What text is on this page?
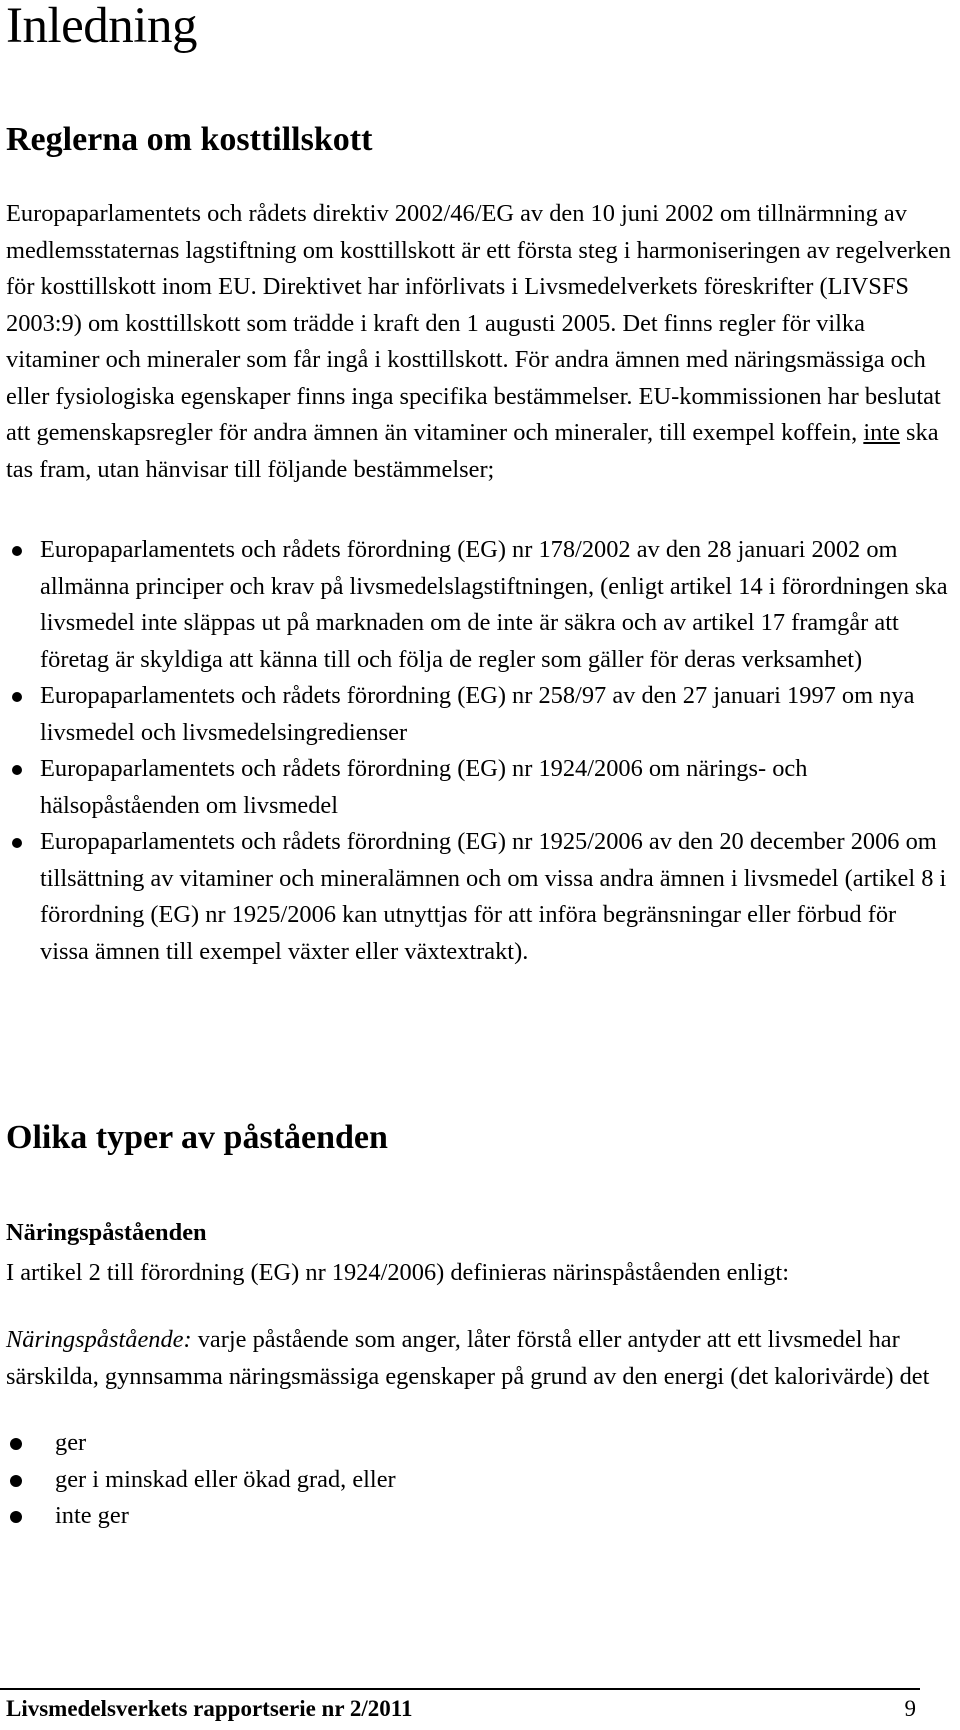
Inledning
Reglerna om kosttillskott

Europaparlamentets och rådets direktiv 2002/46/EG av den 10 juni 2002 om tillnärmning av medlemsstaternas lagstiftning om kosttillskott är ett första steg i harmoniseringen av regelverken för kosttillskott inom EU. Direktivet har införlivats i Livsmedelverkets föreskrifter (LIVSFS 2003:9) om kosttillskott som trädde i kraft den 1 augusti 2005. Det finns regler för vilka vitaminer och mineraler som får ingå i kosttillskott. För andra ämnen med näringsmässiga och eller fysiologiska egenskaper finns inga specifika bestämmelser. EU-kommissionen har beslutat att gemenskapsregler för andra ämnen än vitaminer och mineraler, till exempel koffein, inte ska tas fram, utan hänvisar till följande bestämmelser;

Europaparlamentets och rådets förordning (EG) nr 178/2002 av den 28 januari 2002 om allmänna principer och krav på livsmedelslagstiftningen, (enligt artikel 14 i förordningen ska livsmedel inte släppas ut på marknaden om de inte är säkra och av artikel 17 framgår att företag är skyldiga att känna till och följa de regler som gäller för deras verksamhet)
Europaparlamentets och rådets förordning (EG) nr 258/97 av den 27 januari 1997 om nya livsmedel och livsmedelsingredienser
Europaparlamentets och rådets förordning (EG) nr 1924/2006 om närings- och hälsopåståenden om livsmedel
Europaparlamentets och rådets förordning (EG) nr 1925/2006 av den 20 december 2006 om tillsättning av vitaminer och mineralämnen och om vissa andra ämnen i livsmedel (artikel 8 i förordning (EG) nr 1925/2006 kan utnyttjas för att införa begränsningar eller förbud för vissa ämnen till exempel växter eller växtextrakt).
Olika typer av påståenden
Näringspåståenden

I artikel 2 till förordning (EG) nr 1924/2006) definieras närinspåståenden enligt:

Näringspåstående: varje påstående som anger, låter förstå eller antyder att ett livsmedel har särskilda, gynnsamma näringsmässiga egenskaper på grund av den energi (det kalorivärde) det

ger
ger i minskad eller ökad grad, eller
inte ger
Livsmedelsverkets rapportserie nr 2/2011	9
